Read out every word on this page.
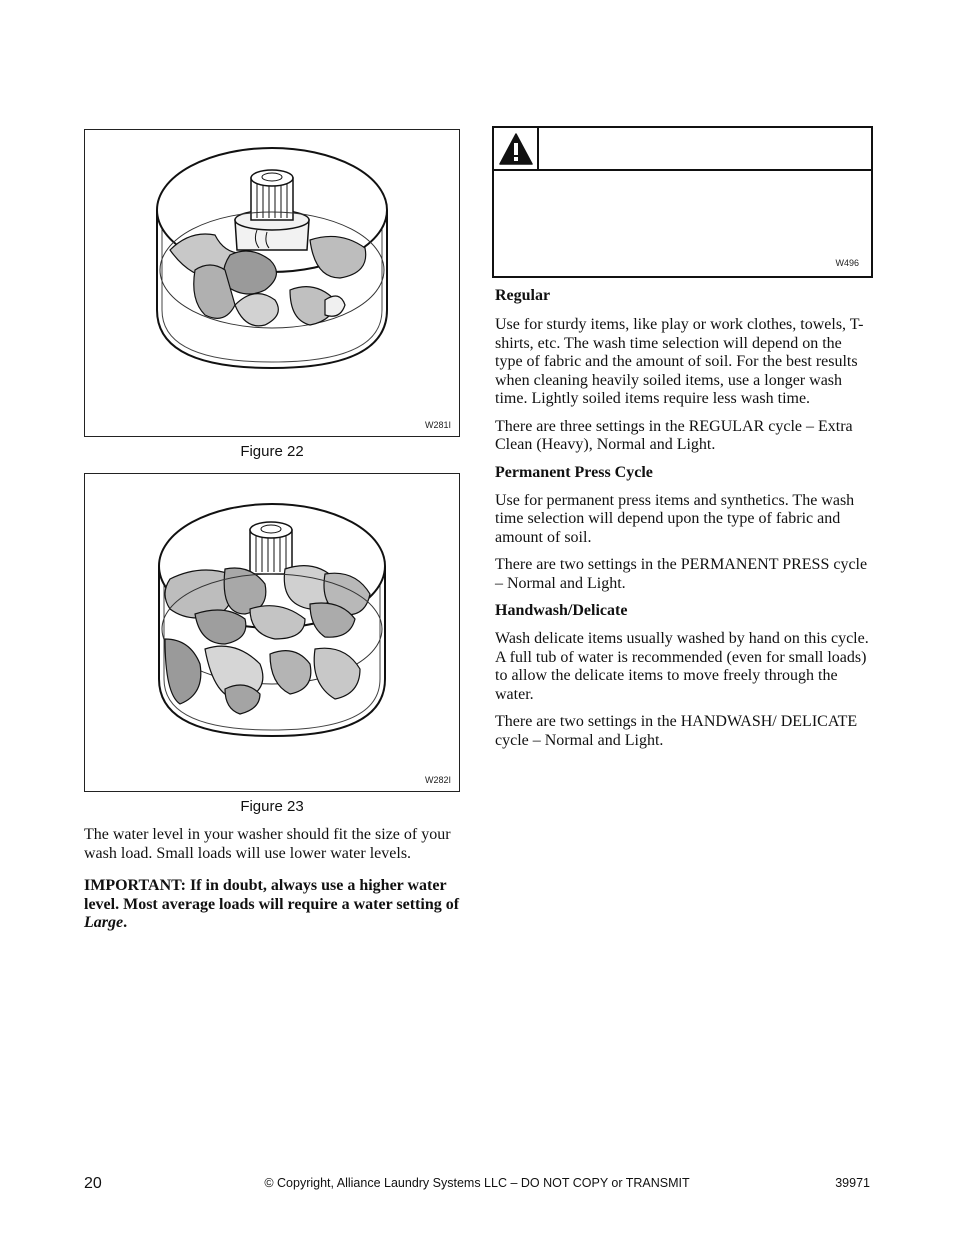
W281I
Figure 22
W282I
Figure 23

The water level in your washer should fit the size of your wash load. Small loads will use lower water levels.

IMPORTANT: If in doubt, always use a higher water level. Most average loads will require a water setting of Large.

W496

Regular

Use for sturdy items, like play or work clothes, towels, T-shirts, etc. The wash time selection will depend on the type of fabric and the amount of soil. For the best results when cleaning heavily soiled items, use a longer wash time. Lightly soiled items require less wash time.

There are three settings in the REGULAR cycle – Extra Clean (Heavy), Normal and Light.

Permanent Press Cycle

Use for permanent press items and synthetics. The wash time selection will depend upon the type of fabric and amount of soil.

There are two settings in the PERMANENT PRESS cycle – Normal and Light.

Handwash/Delicate

Wash delicate items usually washed by hand on this cycle. A full tub of water is recommended (even for small loads) to allow the delicate items to move freely through the water.

There are two settings in the HANDWASH/ DELICATE cycle – Normal and Light.

20	© Copyright, Alliance Laundry Systems LLC – DO NOT COPY or TRANSMIT	39971
